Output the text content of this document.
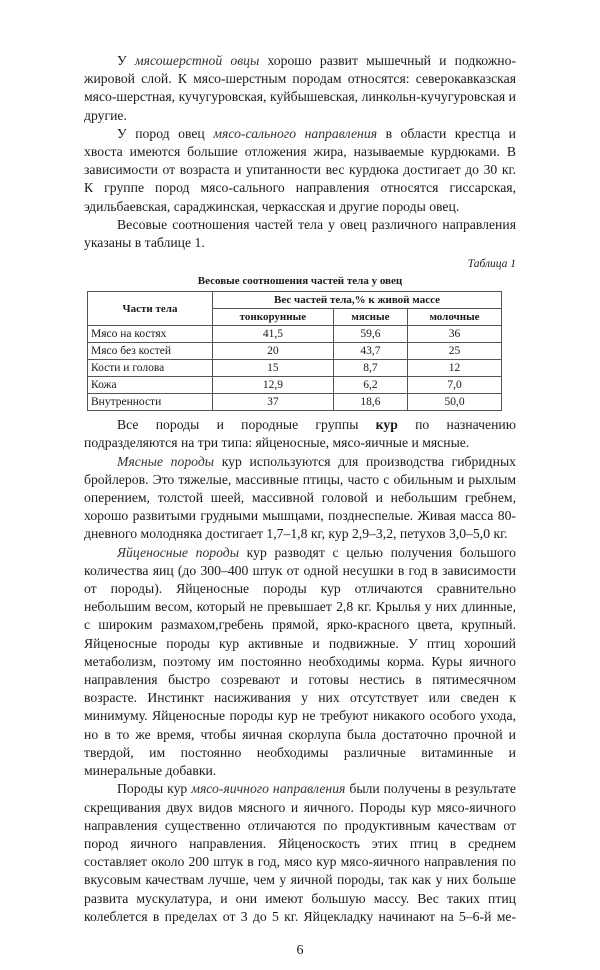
У мясошерстной овцы хорошо развит мышечный и подкожно-жировой слой. К мясо-шерстным породам относятся: северокавказская мясо-шерстная, кучугуровская, куйбышевская, линкольн-кучугуровская и другие.

У пород овец мясо-сального направления в области крестца и хвоста имеются большие отложения жира, называемые курдюками. В зависимости от возраста и упитанности вес курдюка достигает до 30 кг. К группе пород мясо-сального направления относятся гиссарская, эдильбаевская, сараджинская, черкасская и другие породы овец.

Весовые соотношения частей тела у овец различного направления указаны в таблице 1.

Таблица 1
Весовые соотношения частей тела у овец
Части тела	Вес частей тела,% к живой массе		
	тонкорунные	мясные	молочные
Мясо на костях	41,5	59,6	36
Мясо без костей	20	43,7	25
Кости и голова	15	8,7	12
Кожа	12,9	6,2	7,0
Внутренности	37	18,6	50,0

Все породы и породные группы кур по назначению подразделяются на три типа: яйценосные, мясо-яичные и мясные.

Мясные породы кур используются для производства гибридных бройлеров. Это тяжелые, массивные птицы, часто с обильным и рыхлым оперением, толстой шеей, массивной головой и небольшим гребнем, хорошо развитыми грудными мышцами, позднеспелые. Живая масса 80-дневного молодняка достигает 1,7–1,8 кг, кур 2,9–3,2, петухов 3,0–5,0 кг.

Яйценосные породы кур разводят с целью получения большого количества яиц (до 300–400 штук от одной несушки в год в зависимости от породы). Яйценосные породы кур отличаются сравнительно небольшим весом, который не превышает 2,8 кг. Крылья у них длинные, с широким размахом,гребень прямой, ярко-красного цвета, крупный. Яйценосные породы кур активные и подвижные. У птиц хороший метаболизм, поэтому им постоянно необходимы корма. Куры яичного направления быстро созревают и готовы нестись в пятимесячном возрасте. Инстинкт насиживания у них отсутствует или сведен к минимуму. Яйценосные породы кур не требуют никакого особого ухода, но в то же время, чтобы яичная скорлупа была достаточно прочной и твердой, им постоянно необходимы различные витаминные и минеральные добавки.

Породы кур мясо-яичного направления были получены в результате скрещивания двух видов мясного и яичного. Породы кур мясо-яичного направления существенно отличаются по продуктивным качествам от пород яичного направления. Яйценоскость этих птиц в среднем составляет около 200 штук в год, мясо кур мясо-яичного направления по вкусовым качествам лучше, чем у яичной породы, так как у них больше развита мускулатура, и они имеют большую массу. Вес таких птиц колеблется в пределах от 3 до 5 кг. Яйцекладку начинают на 5–6-й ме-

6
